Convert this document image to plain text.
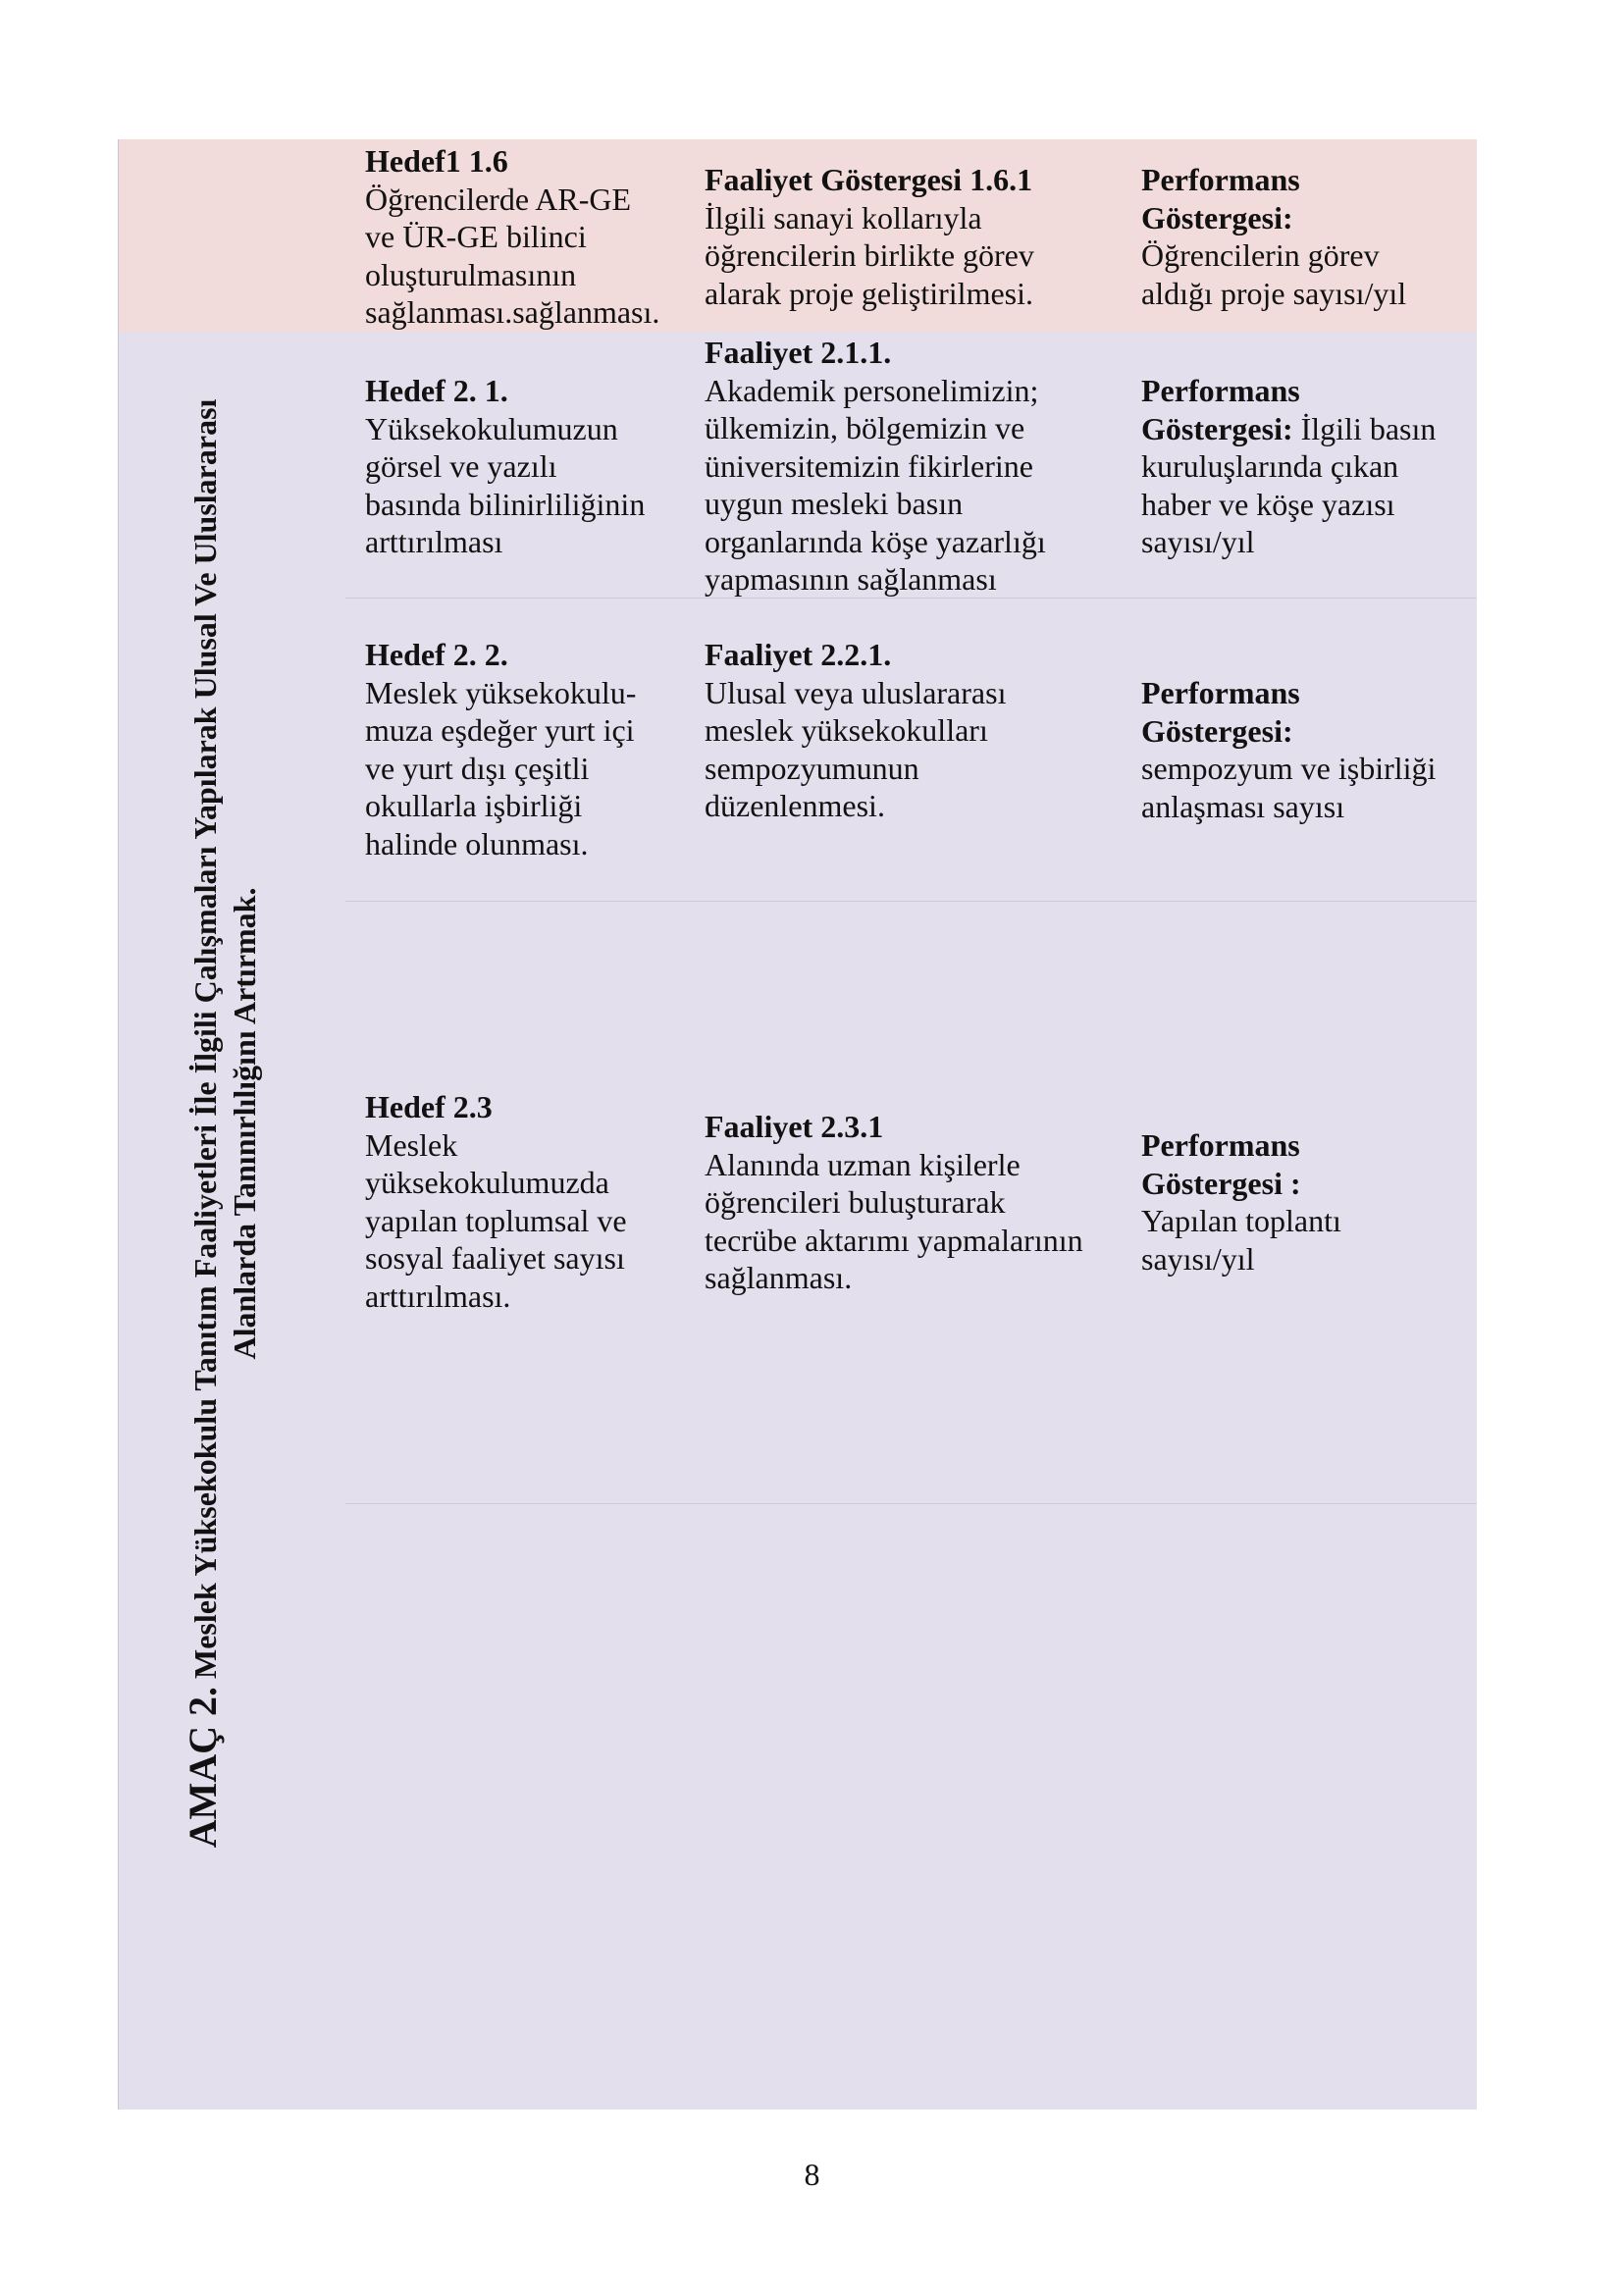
AMAÇ 2. Meslek Yüksekokulu Tanıtım Faaliyetleri İle İlgili Çalışmaları Yapılarak Ulusal Ve Uluslararası Alanlarda Tanınırlılığını Artırmak.
Hedef1 1.6
Öğrencilerde AR-GE
ve ÜR-GE bilinci
oluşturulmasının
sağlanması.sağlanması.
Faaliyet Göstergesi 1.6.1
İlgili sanayi kollarıyla
öğrencilerin birlikte görev
alarak proje geliştirilmesi.
Performans
Göstergesi:
Öğrencilerin görev
aldığı proje sayısı/yıl
Hedef 2. 1.
Yüksekokulumuzun
görsel ve yazılı
basında bilinirliliğinin
arttırılması
Faaliyet 2.1.1.
Akademik personelimizin;
ülkemizin, bölgemizin ve
üniversitemizin fikirlerine
uygun mesleki basın
organlarında köşe yazarlığı
yapmasının sağlanması
Performans
Göstergesi: İlgili basın
kuruluşlarında çıkan
haber ve köşe yazısı
sayısı/yıl
Hedef 2. 2.
Meslek yüksekokulu-
muza eşdeğer yurt içi
ve yurt dışı çeşitli
okullarla işbirliği
halinde olunması.
Faaliyet 2.2.1.
Ulusal veya uluslararası
meslek yüksekokulları
sempozyumunun
düzenlenmesi.
Performans
Göstergesi:
sempozyum ve işbirliği
anlaşması sayısı
Hedef 2.3
Meslek
yüksekokulumuzda
yapılan toplumsal ve
sosyal faaliyet sayısı
arttırılması.
Faaliyet 2.3.1
Alanında uzman kişilerle
öğrencileri buluşturarak
tecrübe aktarımı yapmalarının
sağlanması.
Performans
Göstergesi :
Yapılan toplantı
sayısı/yıl
8
